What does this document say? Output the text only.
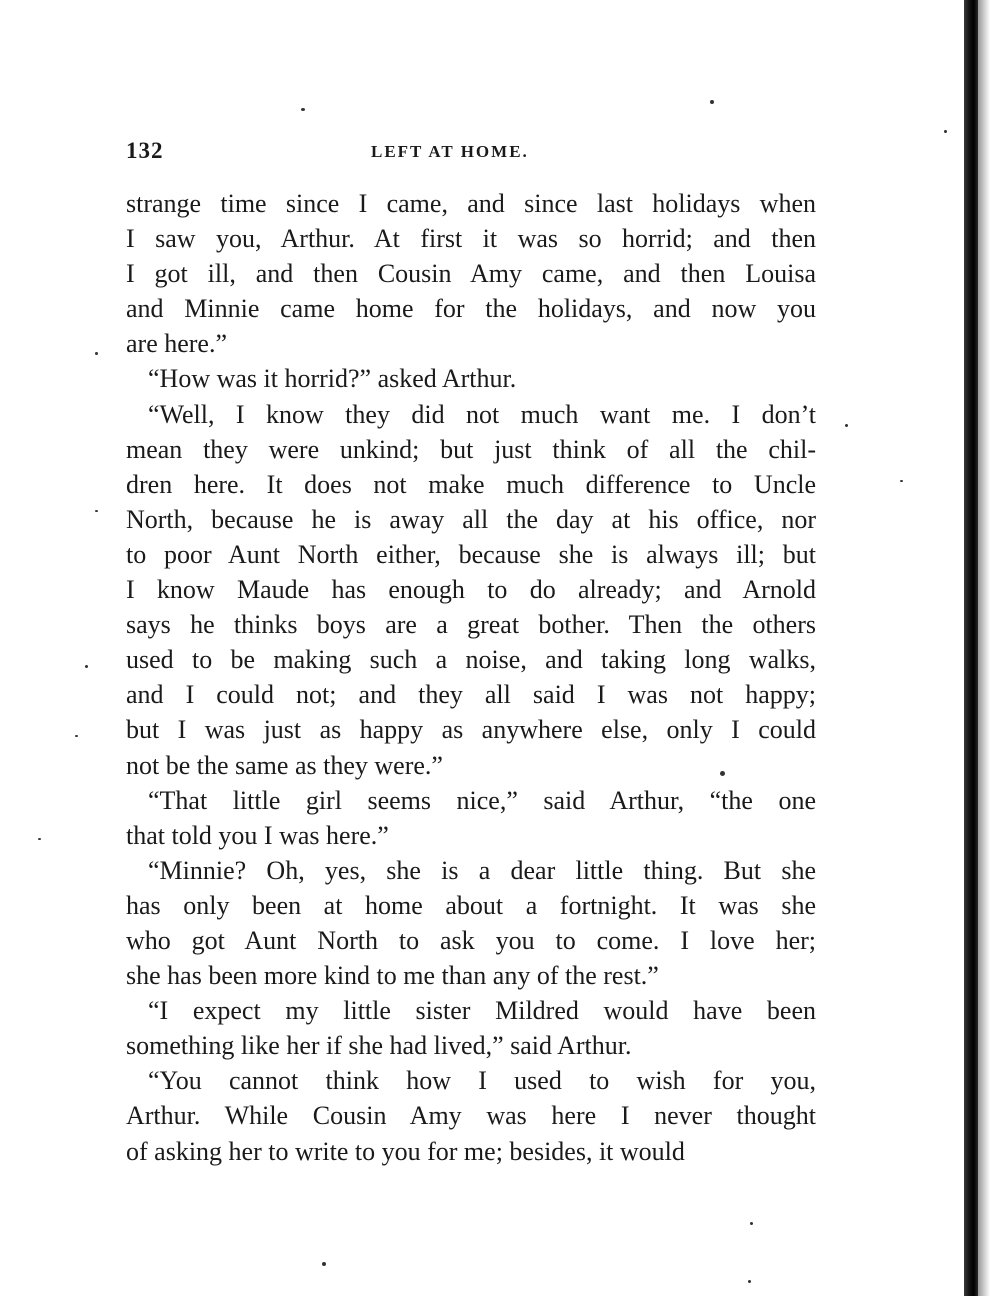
132	LEFT AT HOME.
strange time since I came, and since last holidays when
I saw you, Arthur. At first it was so horrid; and then
I got ill, and then Cousin Amy came, and then Louisa
and Minnie came home for the holidays, and now you
are here.”
“How was it horrid?” asked Arthur.
“Well, I know they did not much want me. I don’t
mean they were unkind; but just think of all the chil-
dren here. It does not make much difference to Uncle
North, because he is away all the day at his office, nor
to poor Aunt North either, because she is always ill; but
I know Maude has enough to do already; and Arnold
says he thinks boys are a great bother. Then the others
used to be making such a noise, and taking long walks,
and I could not; and they all said I was not happy;
but I was just as happy as anywhere else, only I could
not be the same as they were.”
“That little girl seems nice,” said Arthur, “the one
that told you I was here.”
“Minnie? Oh, yes, she is a dear little thing. But she
has only been at home about a fortnight. It was she
who got Aunt North to ask you to come. I love her;
she has been more kind to me than any of the rest.”
“I expect my little sister Mildred would have been
something like her if she had lived,” said Arthur.
“You cannot think how I used to wish for you,
Arthur. While Cousin Amy was here I never thought
of asking her to write to you for me; besides, it would
